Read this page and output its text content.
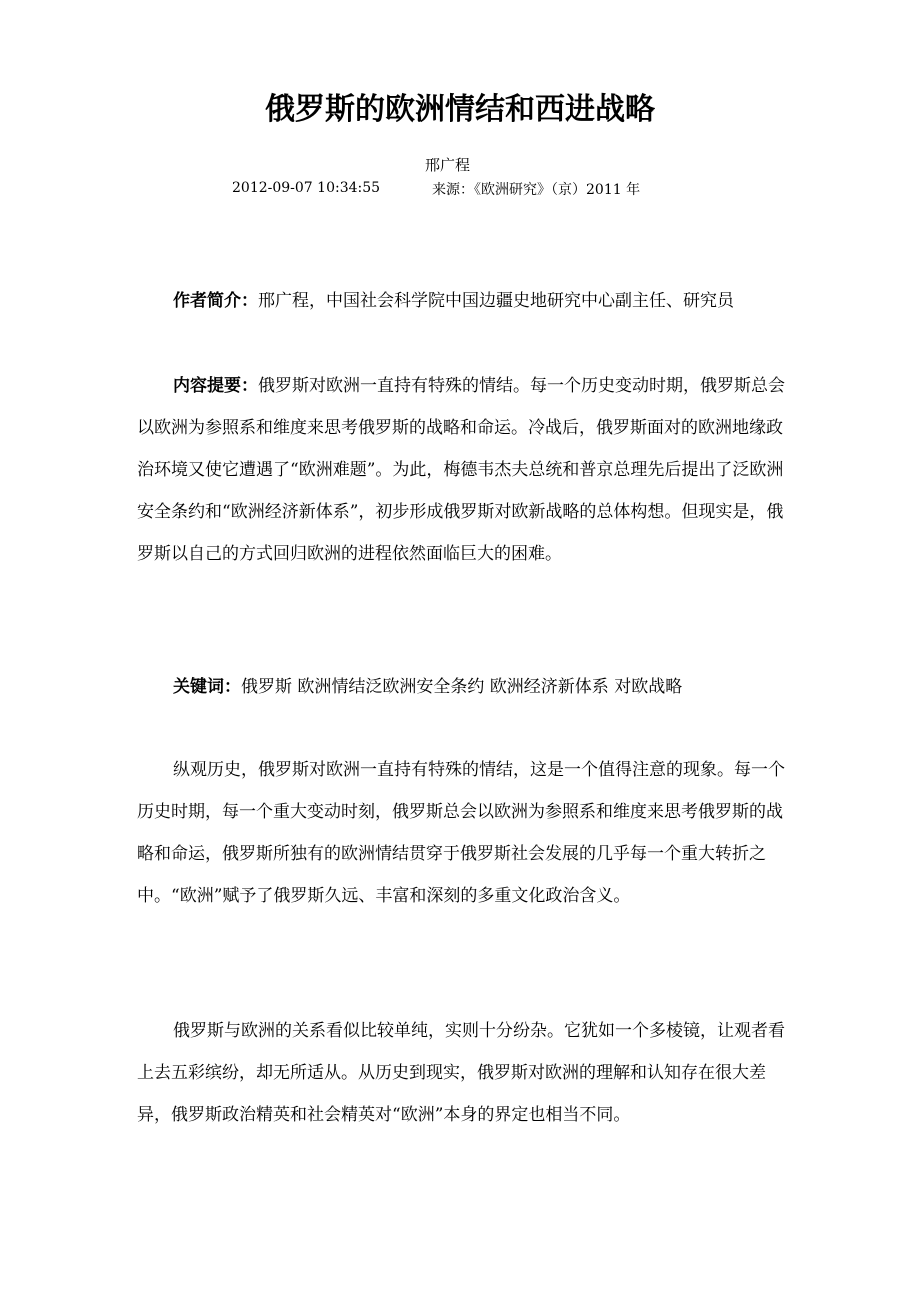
俄罗斯的欧洲情结和西进战略
邢广程
2012-09-07 10:34:55	来源：《欧洲研究》（京）2011 年

作者简介：邢广程，中国社会科学院中国边疆史地研究中心副主任、研究员

内容提要：俄罗斯对欧洲一直持有特殊的情结。每一个历史变动时期，俄罗斯总会以欧洲为参照系和维度来思考俄罗斯的战略和命运。冷战后，俄罗斯面对的欧洲地缘政治环境又使它遭遇了“欧洲难题”。为此，梅德韦杰夫总统和普京总理先后提出了泛欧洲安全条约和“欧洲经济新体系”，初步形成俄罗斯对欧新战略的总体构想。但现实是，俄罗斯以自己的方式回归欧洲的进程依然面临巨大的困难。

关键词：俄罗斯 欧洲情结泛欧洲安全条约 欧洲经济新体系 对欧战略

纵观历史，俄罗斯对欧洲一直持有特殊的情结，这是一个值得注意的现象。每一个历史时期，每一个重大变动时刻，俄罗斯总会以欧洲为参照系和维度来思考俄罗斯的战略和命运，俄罗斯所独有的欧洲情结贯穿于俄罗斯社会发展的几乎每一个重大转折之中。“欧洲”赋予了俄罗斯久远、丰富和深刻的多重文化政治含义。

俄罗斯与欧洲的关系看似比较单纯，实则十分纷杂。它犹如一个多棱镜，让观者看上去五彩缤纷，却无所适从。从历史到现实，俄罗斯对欧洲的理解和认知存在很大差异，俄罗斯政治精英和社会精英对“欧洲”本身的界定也相当不同。
